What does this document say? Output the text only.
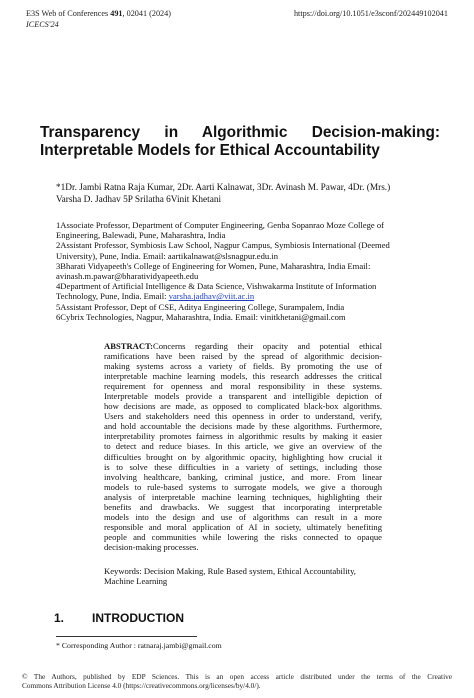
E3S Web of Conferences 491, 02041 (2024)
ICECS'24
https://doi.org/10.1051/e3sconf/202449102041
Transparency in Algorithmic Decision-making:
Interpretable Models for Ethical Accountability
*1Dr. Jambi Ratna Raja Kumar, 2Dr. Aarti Kalnawat, 3Dr. Avinash M. Pawar, 4Dr. (Mrs.)
Varsha D. Jadhav 5P Srilatha 6Vinit Khetani
1Associate Professor, Department of Computer Engineering, Genba Sopanrao Moze College of
Engineering, Balewadi, Pune, Maharashtra, India
2Assistant Professor, Symbiosis Law School, Nagpur Campus, Symbiosis International (Deemed
University), Pune, India. Email: aartikalnawat@slsnagpur.edu.in
3Bharati Vidyapeeth's College of Engineering for Women, Pune, Maharashtra, India Email:
avinash.m.pawar@bharatividyapeeth.edu
4Department of Artificial Intelligence & Data Science, Vishwakarma Institute of Information
Technology, Pune, India. Email: varsha.jadhav@viit.ac.in
5Assistant Professor, Dept of CSE, Aditya Engineering College, Surampalem, India
6Cybrix Technologies, Nagpur, Maharashtra, India. Email: vinitkhetani@gmail.com
ABSTRACT:Concerns regarding their opacity and potential ethical
ramifications have been raised by the spread of algorithmic decision-
making systems across a variety of fields. By promoting the use of
interpretable machine learning models, this research addresses the critical
requirement for openness and moral responsibility in these systems.
Interpretable models provide a transparent and intelligible depiction of
how decisions are made, as opposed to complicated black-box algorithms.
Users and stakeholders need this openness in order to understand, verify,
and hold accountable the decisions made by these algorithms. Furthermore,
interpretability promotes fairness in algorithmic results by making it easier
to detect and reduce biases. In this article, we give an overview of the
difficulties brought on by algorithmic opacity, highlighting how crucial it
is to solve these difficulties in a variety of settings, including those
involving healthcare, banking, criminal justice, and more. From linear
models to rule-based systems to surrogate models, we give a thorough
analysis of interpretable machine learning techniques, highlighting their
benefits and drawbacks. We suggest that incorporating interpretable
models into the design and use of algorithms can result in a more
responsible and moral application of AI in society, ultimately benefiting
people and communities while lowering the risks connected to opaque
decision-making processes.
Keywords: Decision Making, Rule Based system, Ethical Accountability,
Machine Learning
1. INTRODUCTION
* Corresponding Author : ratnaraj.jambi@gmail.com
© The Authors, published by EDP Sciences. This is an open access article distributed under the terms of the Creative
Commons Attribution License 4.0 (https://creativecommons.org/licenses/by/4.0/).
